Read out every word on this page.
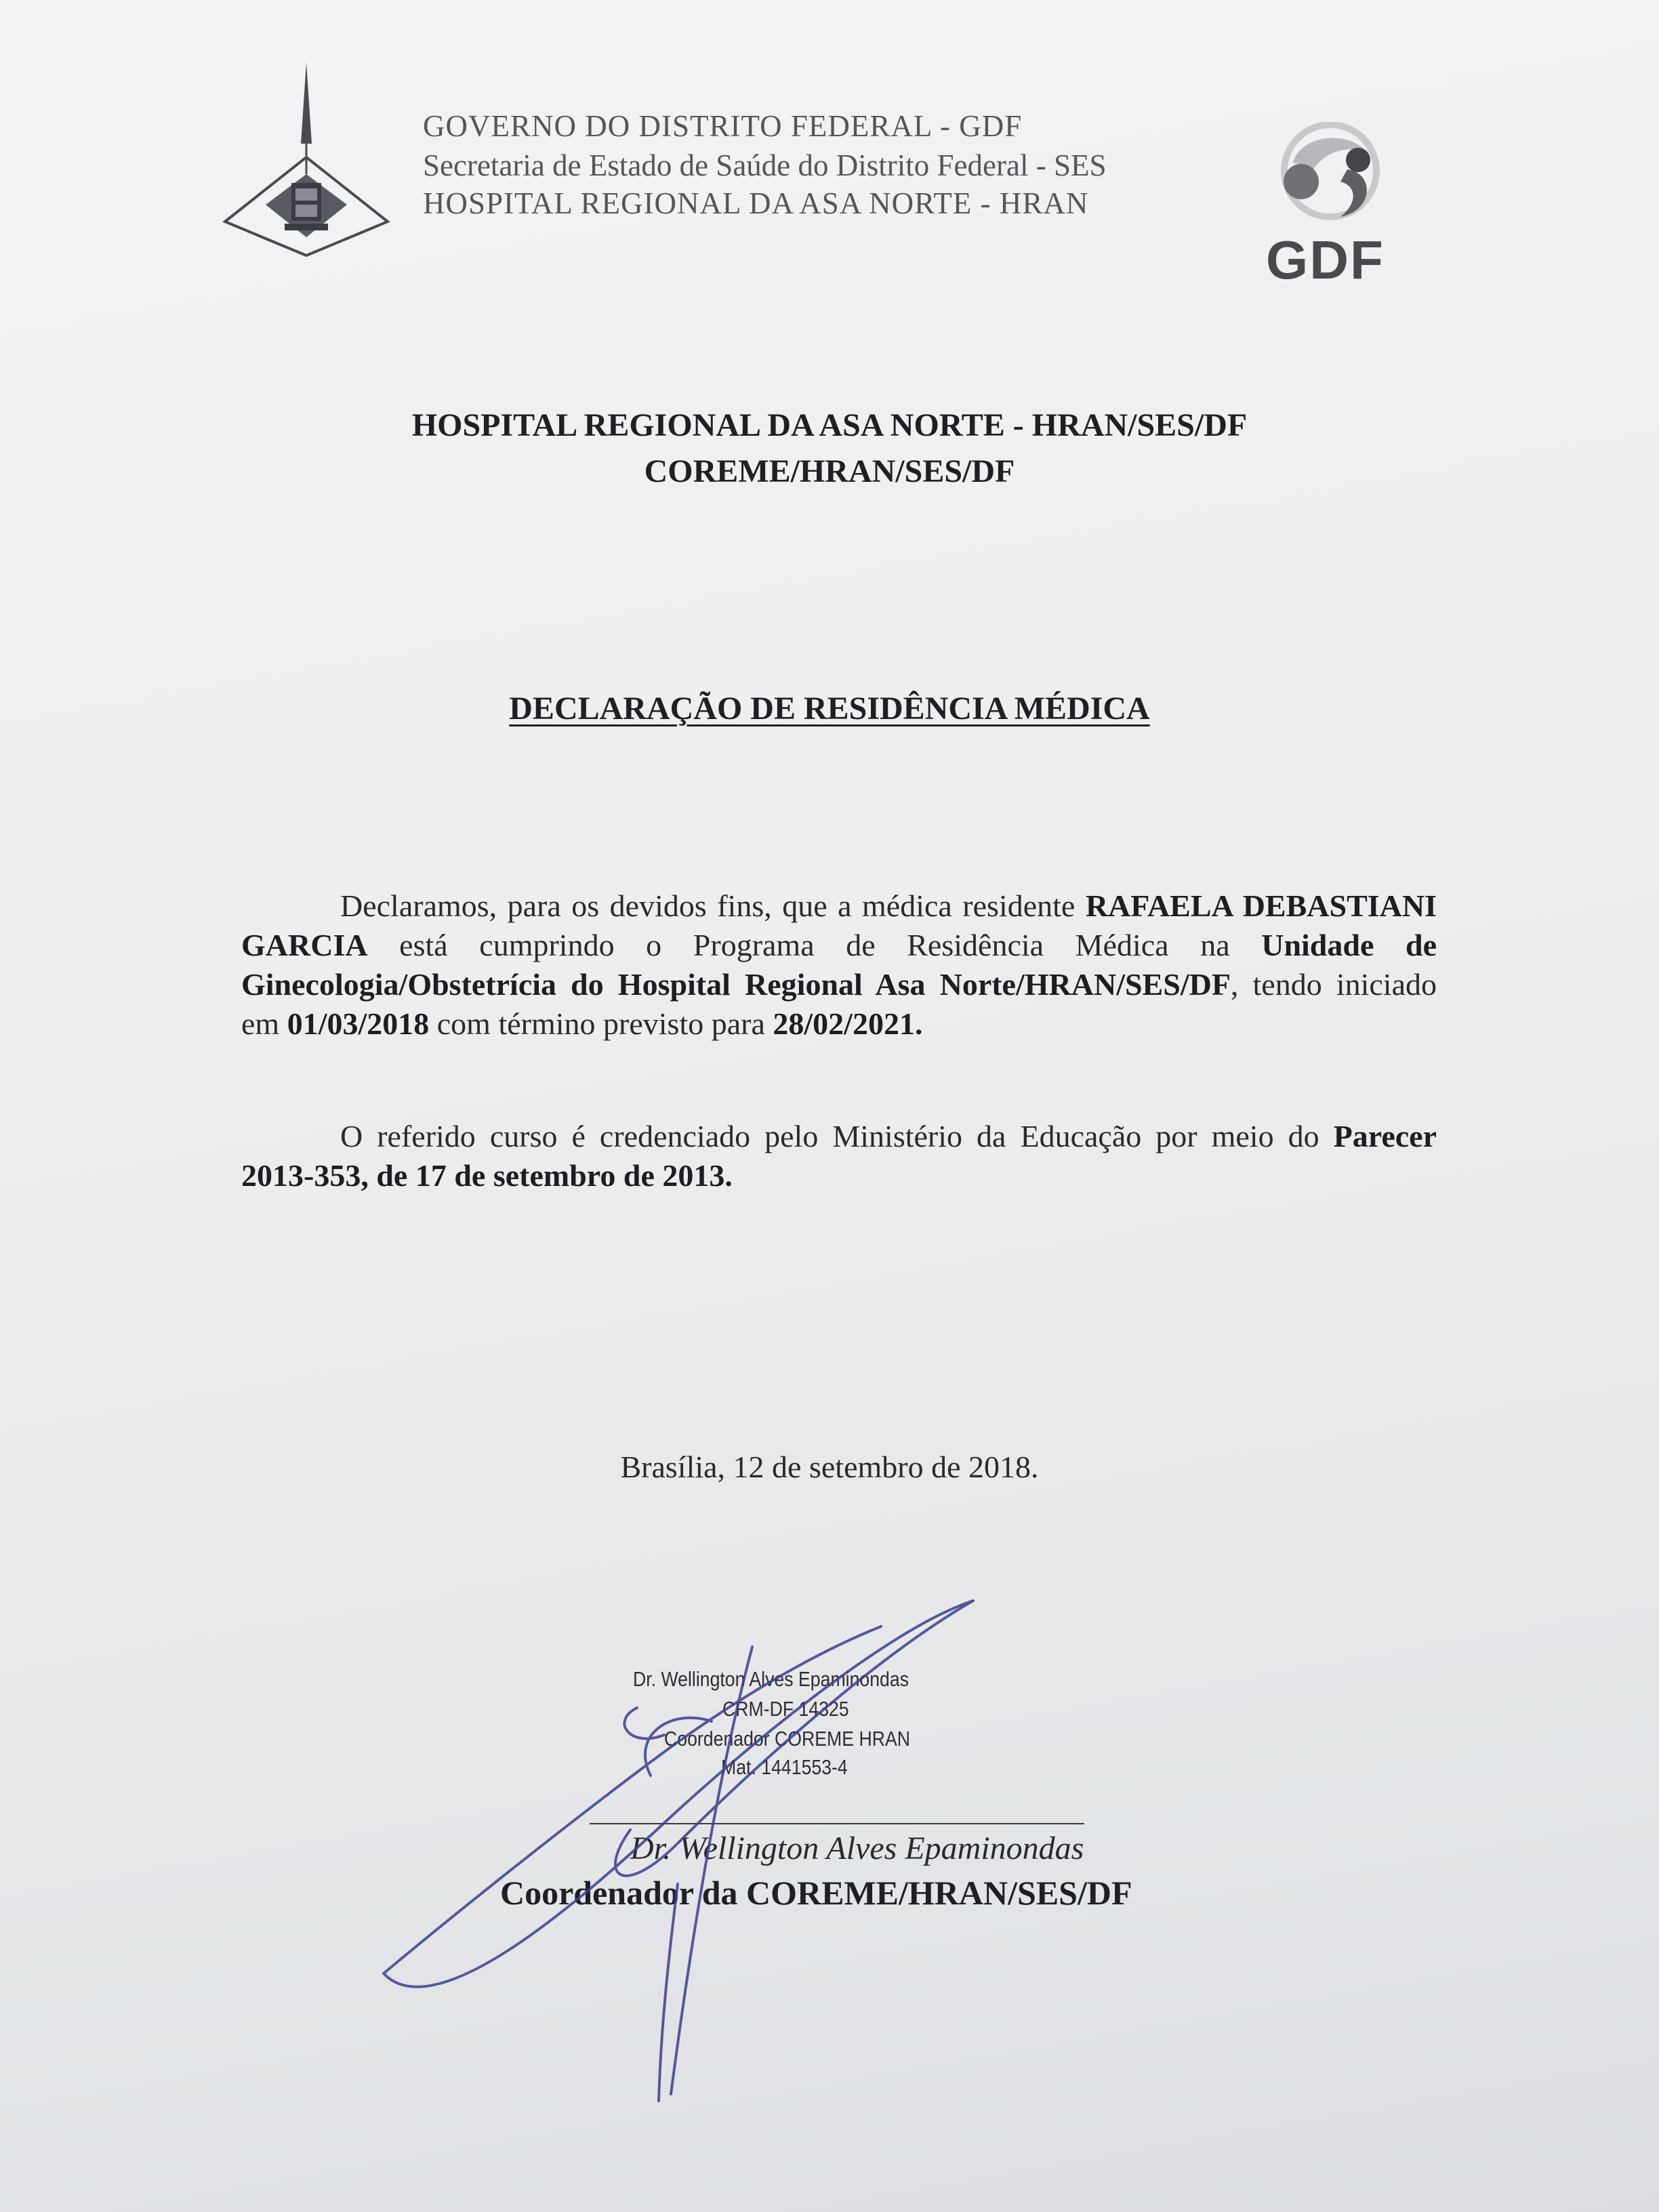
GOVERNO DO DISTRITO FEDERAL - GDF
Secretaria de Estado de Saúde do Distrito Federal - SES
HOSPITAL REGIONAL DA ASA NORTE - HRAN
GDF
HOSPITAL REGIONAL DA ASA NORTE - HRAN/SES/DF
COREME/HRAN/SES/DF
DECLARAÇÃO DE RESIDÊNCIA MÉDICA
Declaramos, para os devidos fins, que a médica residente RAFAELA DEBASTIANI GARCIA está cumprindo o Programa de Residência Médica na Unidade de Ginecologia/Obstetrícia do Hospital Regional Asa Norte/HRAN/SES/DF, tendo iniciado em 01/03/2018 com término previsto para 28/02/2021.
O referido curso é credenciado pelo Ministério da Educação por meio do Parecer 2013-353, de 17 de setembro de 2013.
Brasília, 12 de setembro de 2018.
Dr. Wellington Alves Epaminondas
CRM-DF 14325
Coordenador COREME HRAN
Mat. 1441553-4
Dr. Wellington Alves Epaminondas
Coordenador da COREME/HRAN/SES/DF
